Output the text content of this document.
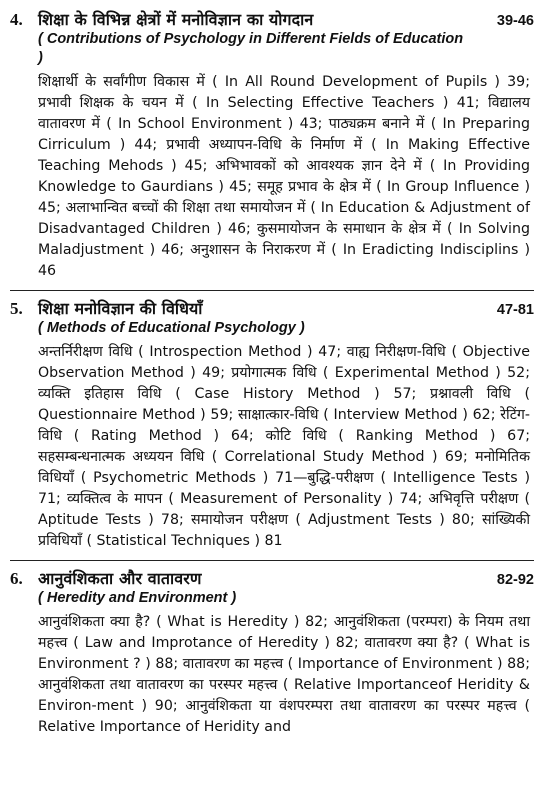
4. शिक्षा के विभिन्न क्षेत्रों में मनोविज्ञान का योगदान	39-46
( Contributions of Psychology in Different Fields of Education )
शिक्षार्थी के सर्वांगीण विकास में ( In All Round Development of Pupils ) 39; प्रभावी शिक्षक के चयन में ( In Selecting Effective Teachers ) 41; विद्यालय वातावरण में ( In School Environment ) 43; पाठ्यक्रम बनाने में ( In Preparing Cirriculum ) 44; प्रभावी अध्यापन-विधि के निर्माण में ( In Making Effective Teaching Mehods ) 45; अभिभावकों को आवश्यक ज्ञान देने में ( In Providing Knowledge to Gaurdians ) 45; समूह प्रभाव के क्षेत्र में ( In Group Influence ) 45; अलाभान्वित बच्चों की शिक्षा तथा समायोजन में ( In Education & Adjustment of Disadvantaged Children ) 46; कुसमायोजन के समाधान के क्षेत्र में ( In Solving Maladjustment ) 46; अनुशासन के निराकरण में ( In Eradicting Indisciplins ) 46
5. शिक्षा मनोविज्ञान की विधियाँ	47-81
( Methods of Educational Psychology )
अन्तर्निरीक्षण विधि ( Introspection Method ) 47; वाह्य निरीक्षण-विधि ( Objective Observation Method ) 49; प्रयोगात्मक विधि ( Experimental Method ) 52; व्यक्ति इतिहास विधि ( Case History Method ) 57; प्रश्नावली विधि ( Questionnaire Method ) 59; साक्षात्कार-विधि ( Interview Method ) 62; रेटिंग-विधि ( Rating Method ) 64; कोटि विधि ( Ranking Method ) 67; सहसम्बन्धनात्मक अध्ययन विधि ( Correlational Study Method ) 69; मनोमितिक विधियाँ ( Psychometric Methods ) 71—बुद्धि-परीक्षण ( Intelligence Tests ) 71; व्यक्तित्व के मापन ( Measurement of Personality ) 74; अभिवृत्ति परीक्षण ( Aptitude Tests ) 78; समायोजन परीक्षण ( Adjustment Tests ) 80; सांख्यिकी प्रविधियाँ ( Statistical Techniques ) 81
6. आनुवंशिकता और वातावरण	82-92
( Heredity and Environment )
आनुवंशिकता क्या है? ( What is Heredity ) 82; आनुवंशिकता (परम्परा) के नियम तथा महत्त्व ( Law and Improtance of Heredity ) 82; वातावरण क्या है? ( What is Environment ? ) 88; वातावरण का महत्त्व ( Importance of Environment ) 88; आनुवंशिकता तथा वातावरण का परस्पर महत्त्व ( Relative Importanceof Heridity & Environ-ment ) 90; आनुवंशिकता या वंशपरम्परा तथा वातावरण का परस्पर महत्त्व ( Relative Importance of Heridity and
